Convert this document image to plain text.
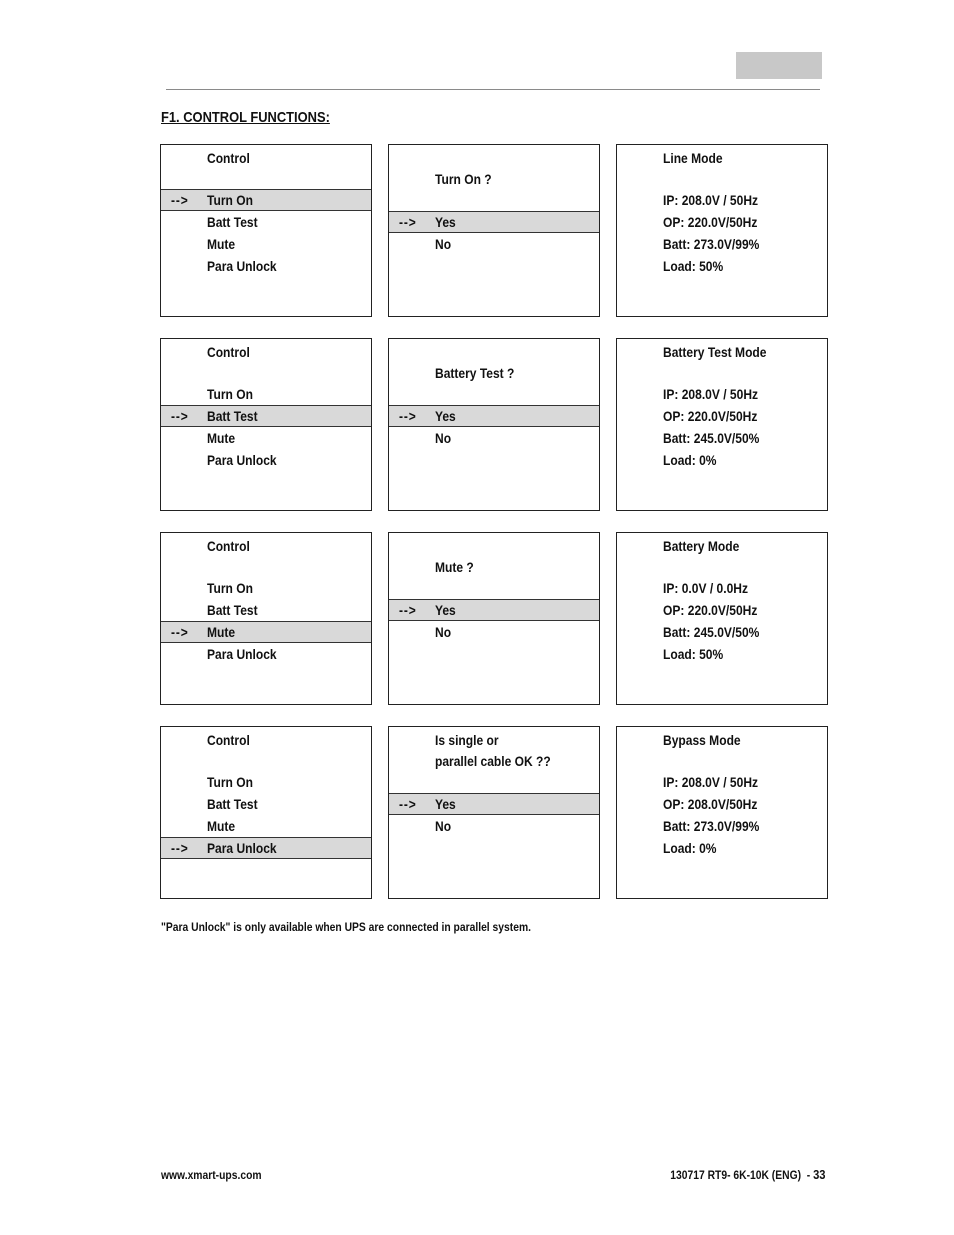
F1. CONTROL FUNCTIONS:
Control
--> Turn On
Batt Test
Mute
Para Unlock
Turn On ?
--> Yes
No
Line Mode
IP: 208.0V / 50Hz
OP: 220.0V/50Hz
Batt: 273.0V/99%
Load: 50%
Control
Turn On
--> Batt Test
Mute
Para Unlock
Battery Test ?
--> Yes
No
Battery Test Mode
IP: 208.0V / 50Hz
OP: 220.0V/50Hz
Batt: 245.0V/50%
Load: 0%
Control
Turn On
Batt Test
--> Mute
Para Unlock
Mute ?
--> Yes
No
Battery Mode
IP: 0.0V / 0.0Hz
OP: 220.0V/50Hz
Batt: 245.0V/50%
Load: 50%
Control
Turn On
Batt Test
Mute
--> Para Unlock
Is single or
parallel cable OK ??
--> Yes
No
Bypass Mode
IP: 208.0V / 50Hz
OP: 208.0V/50Hz
Batt: 273.0V/99%
Load: 0%
"Para Unlock" is only available when UPS are connected in parallel system.
www.xmart-ups.com	130717 RT9- 6K-10K (ENG)  - 33
